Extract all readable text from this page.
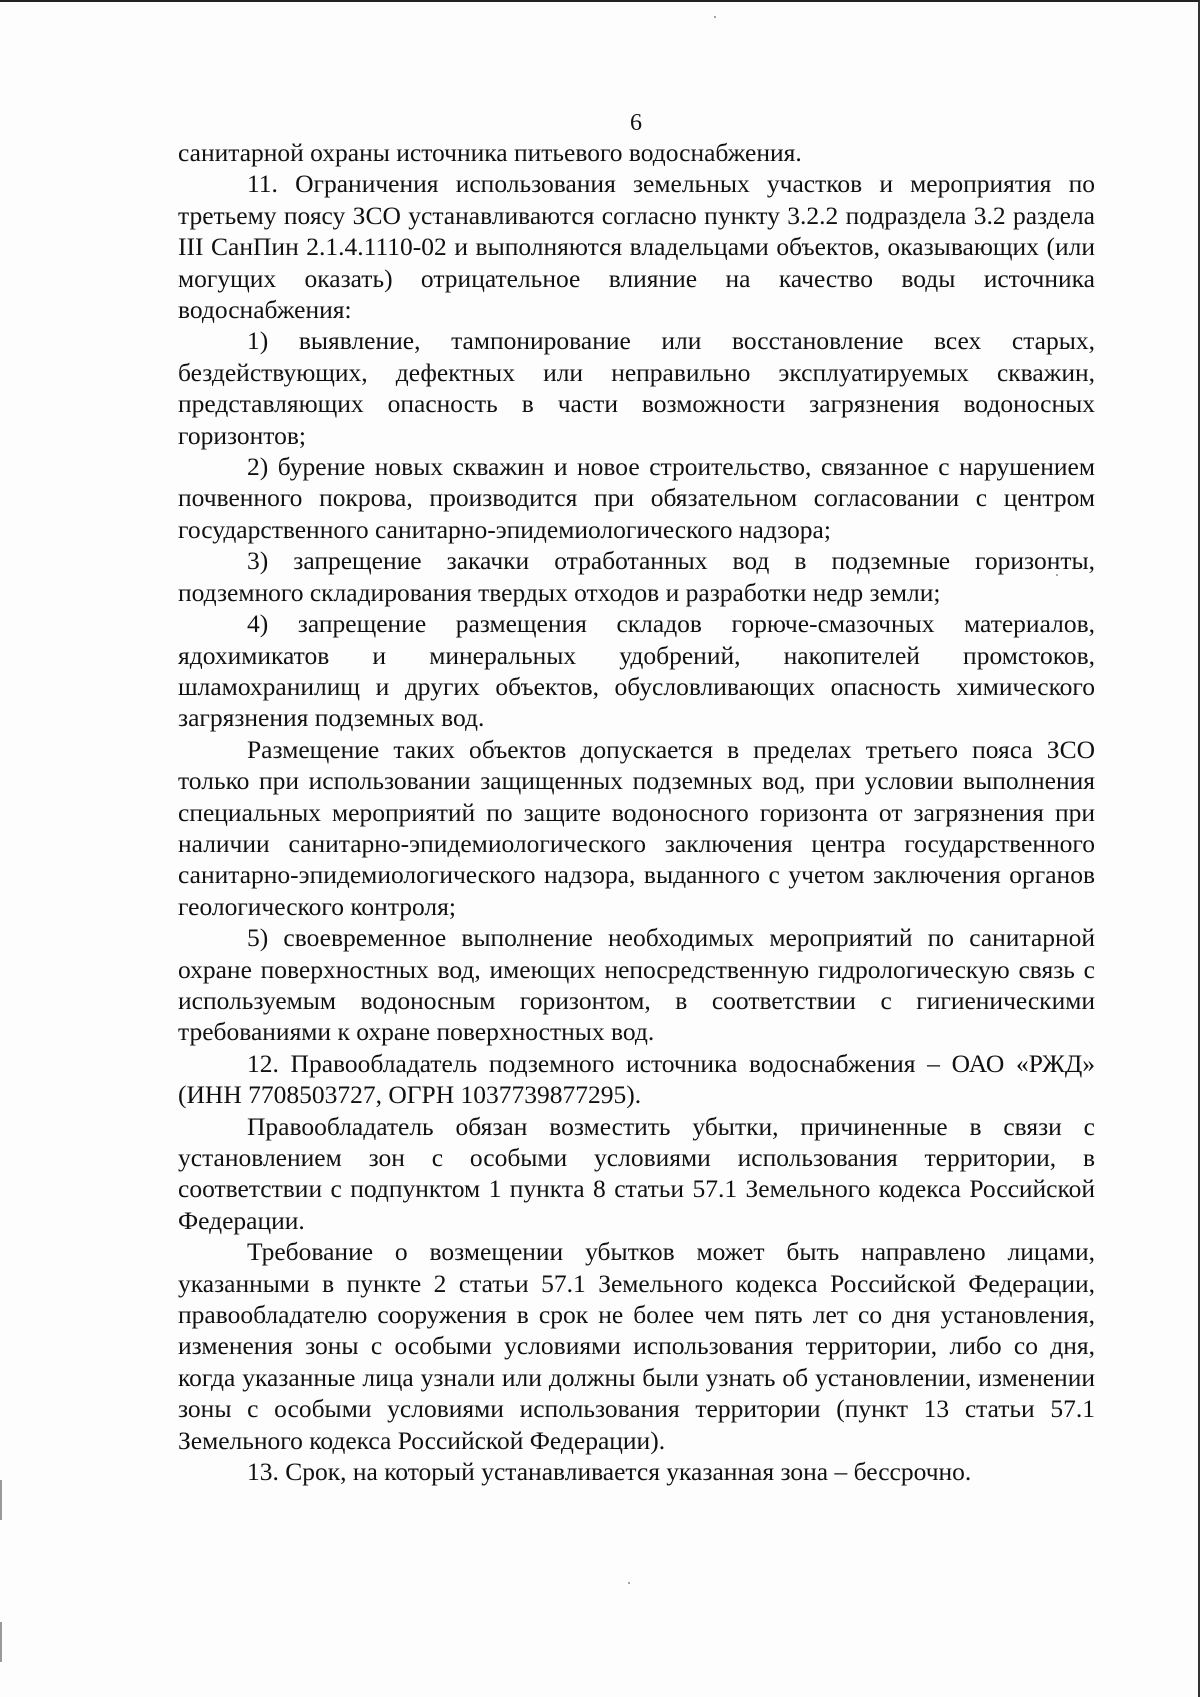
6

санитарной охраны источника питьевого водоснабжения.

11. Ограничения использования земельных участков и мероприятия по третьему поясу ЗСО устанавливаются согласно пункту 3.2.2 подраздела 3.2 раздела III СанПин 2.1.4.1110-02 и выполняются владельцами объектов, оказывающих (или могущих оказать) отрицательное влияние на качество воды источника водоснабжения:

1) выявление, тампонирование или восстановление всех старых, бездействующих, дефектных или неправильно эксплуатируемых скважин, представляющих опасность в части возможности загрязнения водоносных горизонтов;

2) бурение новых скважин и новое строительство, связанное с нарушением почвенного покрова, производится при обязательном согласовании с центром государственного санитарно-эпидемиологического надзора;

3) запрещение закачки отработанных вод в подземные горизонты, подземного складирования твердых отходов и разработки недр земли;

4) запрещение размещения складов горюче-смазочных материалов, ядохимикатов и минеральных удобрений, накопителей промстоков, шламохранилищ и других объектов, обусловливающих опасность химического загрязнения подземных вод.

Размещение таких объектов допускается в пределах третьего пояса ЗСО только при использовании защищенных подземных вод, при условии выполнения специальных мероприятий по защите водоносного горизонта от загрязнения при наличии санитарно-эпидемиологического заключения центра государственного санитарно-эпидемиологического надзора, выданного с учетом заключения органов геологического контроля;

5) своевременное выполнение необходимых мероприятий по санитарной охране поверхностных вод, имеющих непосредственную гидрологическую связь с используемым водоносным горизонтом, в соответствии с гигиеническими требованиями к охране поверхностных вод.

12. Правообладатель подземного источника водоснабжения – ОАО «РЖД» (ИНН 7708503727, ОГРН 1037739877295).

Правообладатель обязан возместить убытки, причиненные в связи с установлением зон с особыми условиями использования территории, в соответствии с подпунктом 1 пункта 8 статьи 57.1 Земельного кодекса Российской Федерации.

Требование о возмещении убытков может быть направлено лицами, указанными в пункте 2 статьи 57.1 Земельного кодекса Российской Федерации, правообладателю сооружения в срок не более чем пять лет со дня установления, изменения зоны с особыми условиями использования территории, либо со дня, когда указанные лица узнали или должны были узнать об установлении, изменении зоны с особыми условиями использования территории (пункт 13 статьи 57.1 Земельного кодекса Российской Федерации).

13. Срок, на который устанавливается указанная зона – бессрочно.
